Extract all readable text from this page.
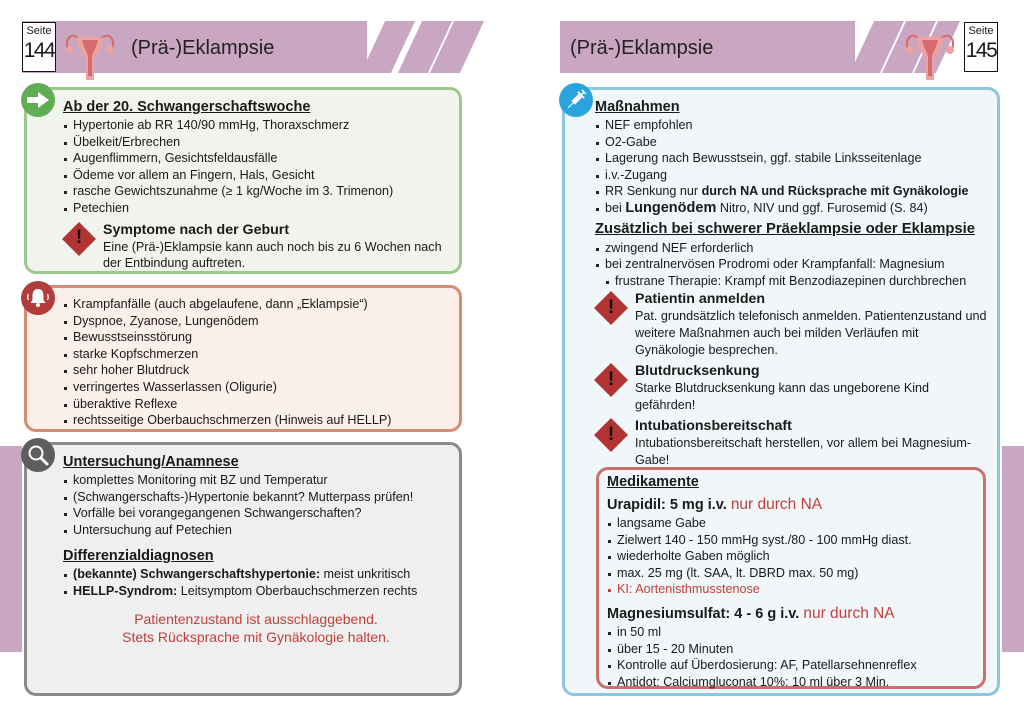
Seite
144	(Prä-)Eklampsie	(Prä-)Eklampsie
Seite
145
Ab der 20. Schwangerschaftswoche
Hypertonie ab RR 140/90 mmHg, Thoraxschmerz
Übelkeit/Erbrechen
Augenflimmern, Gesichtsfeldausfälle
Ödeme vor allem an Fingern, Hals, Gesicht
rasche Gewichtszunahme (≥ 1 kg/Woche im 3. Trimenon)
Petechien
!	Symptome nach der Geburt
Eine (Prä-)Eklampsie kann auch noch bis zu 6 Wochen nach der Entbindung auftreten.
Krampfanfälle (auch abgelaufene, dann „Eklampsie“)
Dyspnoe, Zyanose, Lungenödem
Bewusstseinsstörung
starke Kopfschmerzen
sehr hoher Blutdruck
verringertes Wasserlassen (Oligurie)
überaktive Reflexe
rechtsseitige Oberbauchschmerzen (Hinweis auf HELLP)
Untersuchung/Anamnese
komplettes Monitoring mit BZ und Temperatur
(Schwangerschafts-)Hypertonie bekannt? Mutterpass prüfen!
Vorfälle bei vorangegangenen Schwangerschaften?
Untersuchung auf Petechien
Differenzialdiagnosen
(bekannte) Schwangerschaftshypertonie: meist unkritisch
HELLP-Syndrom: Leitsymptom Oberbauchschmerzen rechts
Patientenzustand ist ausschlaggebend.
Stets Rücksprache mit Gynäkologie halten.
Maßnahmen
NEF empfohlen
O2-Gabe
Lagerung nach Bewusstsein, ggf. stabile Linksseitenlage
i.v.-Zugang
RR Senkung nur durch NA und Rücksprache mit Gynäkologie
bei Lungenödem Nitro, NIV und ggf. Furosemid (S. 84)
Zusätzlich bei schwerer Präeklampsie oder Eklampsie
zwingend NEF erforderlich
bei zentralnervösen Prodromi oder Krampfanfall: Magnesium
frustrane Therapie: Krampf mit Benzodiazepinen durchbrechen
!	Patientin anmelden
Pat. grundsätzlich telefonisch anmelden. Patientenzustand und weitere Maßnahmen auch bei milden Verläufen mit Gynäkologie besprechen.
!	Blutdrucksenkung
Starke Blutdrucksenkung kann das ungeborene Kind gefährden!
!	Intubationsbereitschaft
Intubationsbereitschaft herstellen, vor allem bei Magnesium-Gabe!
Medikamente
Urapidil: 5 mg i.v. nur durch NA
langsame Gabe
Zielwert 140 - 150 mmHg syst./80 - 100 mmHg diast.
wiederholte Gaben möglich
max. 25 mg (lt. SAA, lt. DBRD max. 50 mg)
KI: Aortenisthmusstenose
Magnesiumsulfat: 4 - 6 g i.v. nur durch NA
in 50 ml
über 15 - 20 Minuten
Kontrolle auf Überdosierung: AF, Patellarsehnenreflex
Antidot: Calciumgluconat 10%: 10 ml über 3 Min.
